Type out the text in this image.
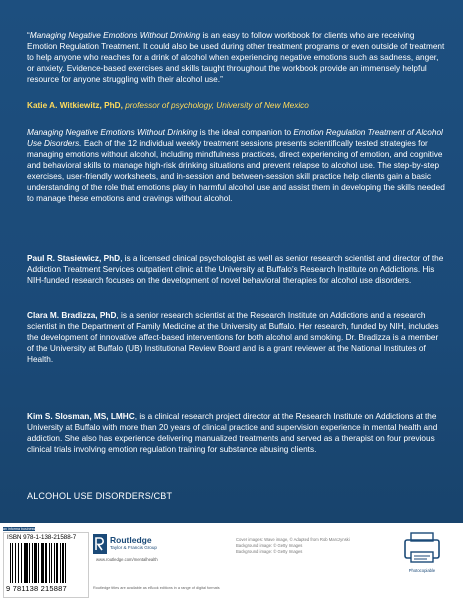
“Managing Negative Emotions Without Drinking is an easy to follow workbook for clients who are receiving Emotion Regulation Treatment. It could also be used during other treatment programs or even outside of treatment to help anyone who reaches for a drink of alcohol when experiencing negative emotions such as sadness, anger, or anxiety. Evidence-based exercises and skills taught throughout the workbook provide an immensely helpful resource for anyone struggling with their alcohol use.”

Katie A. Witkiewitz, PhD, professor of psychology, University of New Mexico

Managing Negative Emotions Without Drinking is the ideal companion to Emotion Regulation Treatment of Alcohol Use Disorders. Each of the 12 individual weekly treatment sessions presents scientifically tested strategies for managing emotions without alcohol, including mindfulness practices, direct experiencing of emotion, and cognitive and behavioral skills to manage high-risk drinking situations and prevent relapse to alcohol use. The step-by-step exercises, user-friendly worksheets, and in-session and between-session skill practice help clients gain a basic understanding of the role that emotions play in harmful alcohol use and assist them in developing the skills needed to manage these emotions and cravings without alcohol.

Paul R. Stasiewicz, PhD, is a licensed clinical psychologist as well as senior research scientist and director of the Addiction Treatment Services outpatient clinic at the University at Buffalo’s Research Institute on Addictions. His NIH-funded research focuses on the development of novel behavioral therapies for alcohol use disorders.

Clara M. Bradizza, PhD, is a senior research scientist at the Research Institute on Addictions and a research scientist in the Department of Family Medicine at the University at Buffalo. Her research, funded by NIH, includes the development of innovative affect-based interventions for both alcohol and smoking. Dr. Bradizza is a member of the University at Buffalo (UB) Institutional Review Board and is a grant reviewer at the National Institutes of Health.

Kim S. Slosman, MS, LMHC, is a clinical research project director at the Research Institute on Addictions at the University at Buffalo with more than 20 years of clinical practice and supervision experience in mental health and addiction. She also has experience delivering manualized treatments and served as a therapist on four previous clinical trials involving emotion regulation training for substance abusing clients.

ALCOHOL USE DISORDERS/CBT
an informa business
ISBN 978-1-138-21588-7
9 781138 215887
Routledge
Taylor & Francis Group
www.routledge.com/mentalhealth
Cover images: Wave image, © Adapted from Rob Marczynski
Background image: © Getty Images
Background image: © Getty Images
Routledge titles are available as eBook editions in a range of digital formats
Photocopiable
